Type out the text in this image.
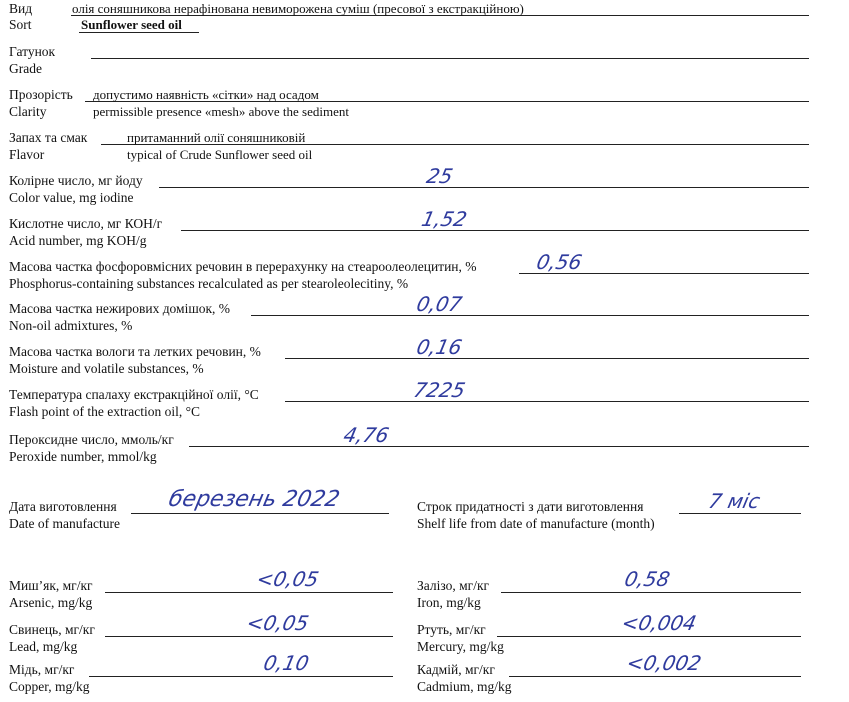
Вид	олія соняшникова нерафінована невиморожена суміш (пресової з екстракційною)
Sort	Sunflower seed oil
Гатунок
Grade
Прозорість допустимо наявність «сітки» над осадом
Clarity	permissible presence «mesh» above the sediment
Запах та смак	притаманний олії соняшниковій
Flavor	typical of Crude Sunflower seed oil
Колірне число, мг йоду	25
Color value, mg iodine
Кислотне число, мг КОН/г	1,52
Acid number, mg KOH/g
Масова частка фосфоровмісних речовин в перерахунку на стеароолеолецитин, %	0,56
Phosphorus-containing substances recalculated as per stearoleolecitiny, %
Масова частка нежирових домішок, %	0,07
Non-oil admixtures, %
Масова частка вологи та летких речовин, %	0,16
Moisture and volatile substances, %
Температура спалаху екстракційної олії, °С	7225
Flash point of the extraction oil, °C
Пероксидне число, ммоль/кг	4,76
Peroxide number, mmol/kg
Дата виготовлення березень 2022
Date of manufacture
Строк придатності з дати виготовлення	7 міс
Shelf life from date of manufacture (month)
Миш’як, мг/кг	<0,05
Arsenic, mg/kg
Залізо, мг/кг	0,58
Iron, mg/kg
Свинець, мг/кг	<0,05
Lead, mg/kg
Ртуть, мг/кг	<0,004
Mercury, mg/kg
Мідь, мг/кг	0,10
Copper, mg/kg
Кадмій, мг/кг	<0,002
Cadmium, mg/kg
